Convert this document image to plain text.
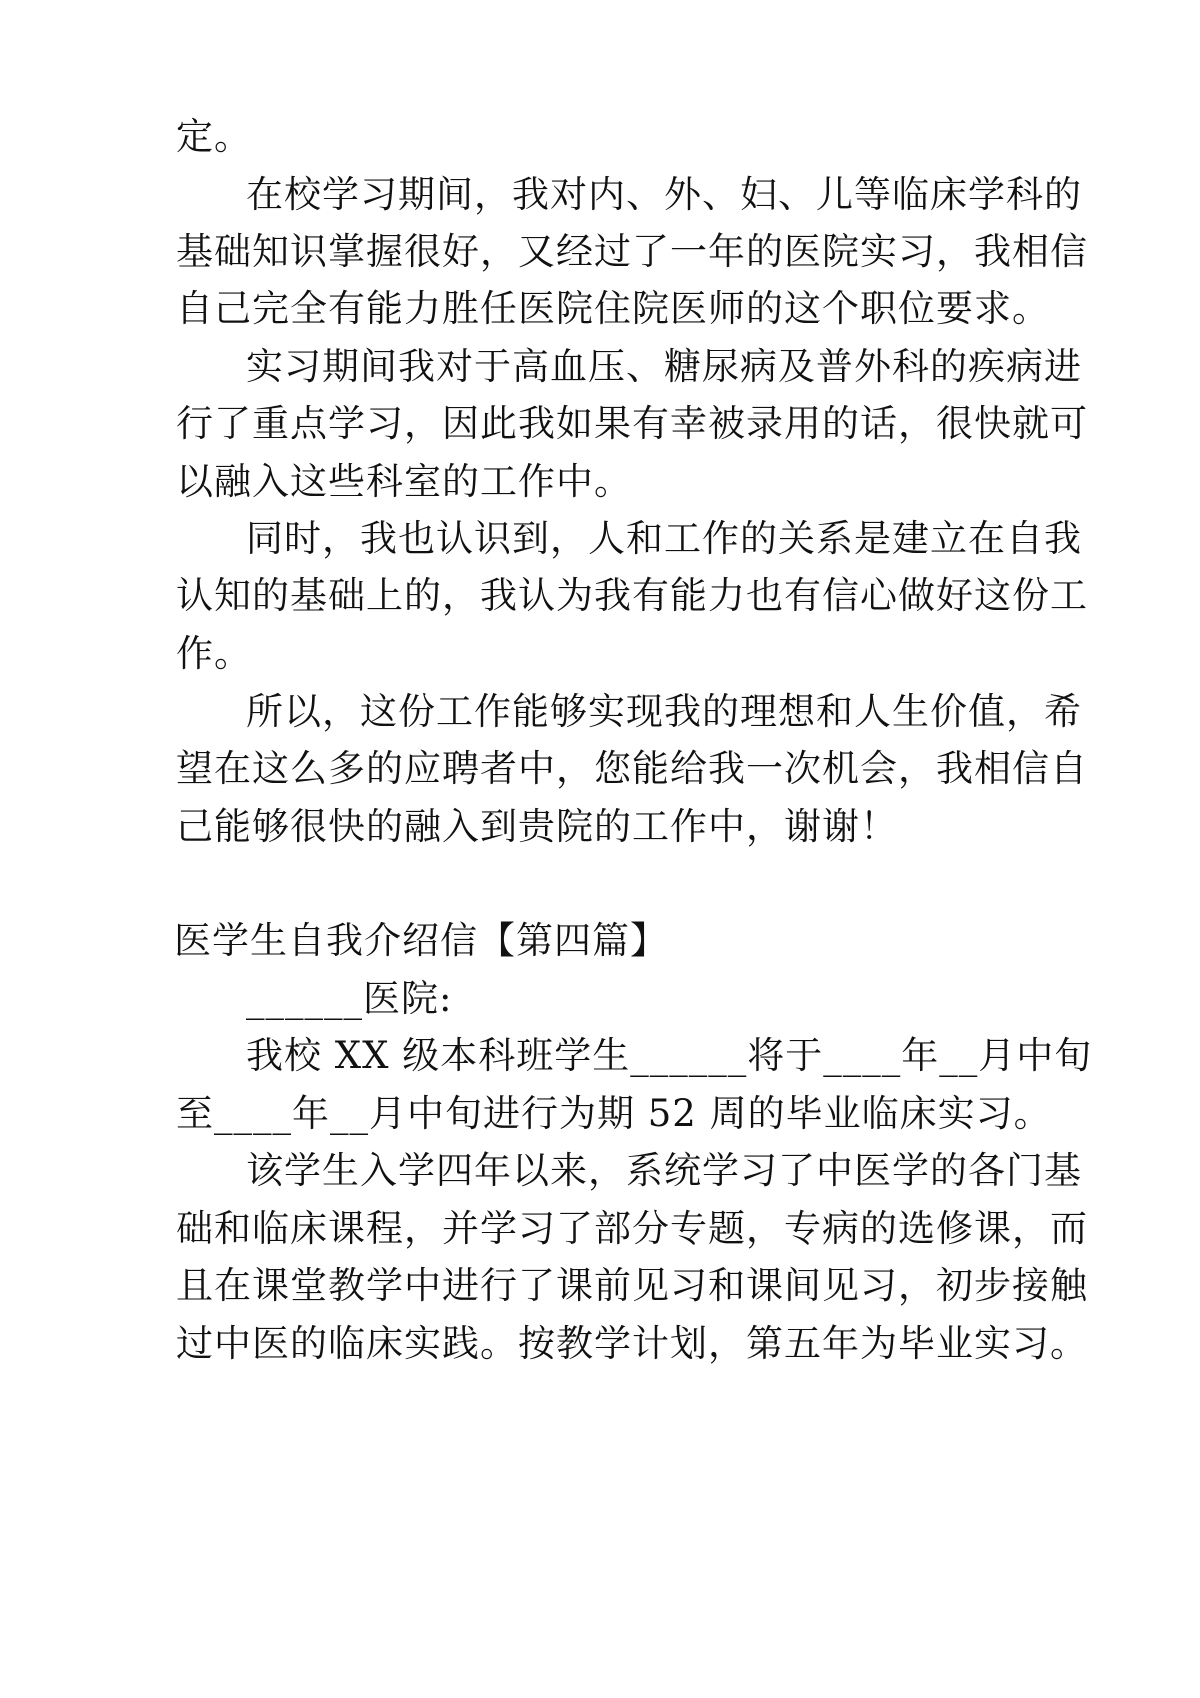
定。
在校学习期间，我对内、外、妇、儿等临床学科的
基础知识掌握很好，又经过了一年的医院实习，我相信
自己完全有能力胜任医院住院医师的这个职位要求。
实习期间我对于高血压、糖尿病及普外科的疾病进
行了重点学习，因此我如果有幸被录用的话，很快就可
以融入这些科室的工作中。
同时，我也认识到，人和工作的关系是建立在自我
认知的基础上的，我认为我有能力也有信心做好这份工
作。
所以，这份工作能够实现我的理想和人生价值，希
望在这么多的应聘者中，您能给我一次机会，我相信自
己能够很快的融入到贵院的工作中，谢谢！
医学生自我介绍信【第四篇】
______医院:
我校 XX 级本科班学生______将于____年__月中旬
至____年__月中旬进行为期 52 周的毕业临床实习。
该学生入学四年以来，系统学习了中医学的各门基
础和临床课程，并学习了部分专题，专病的选修课，而
且在课堂教学中进行了课前见习和课间见习，初步接触
过中医的临床实践。按教学计划，第五年为毕业实习。
